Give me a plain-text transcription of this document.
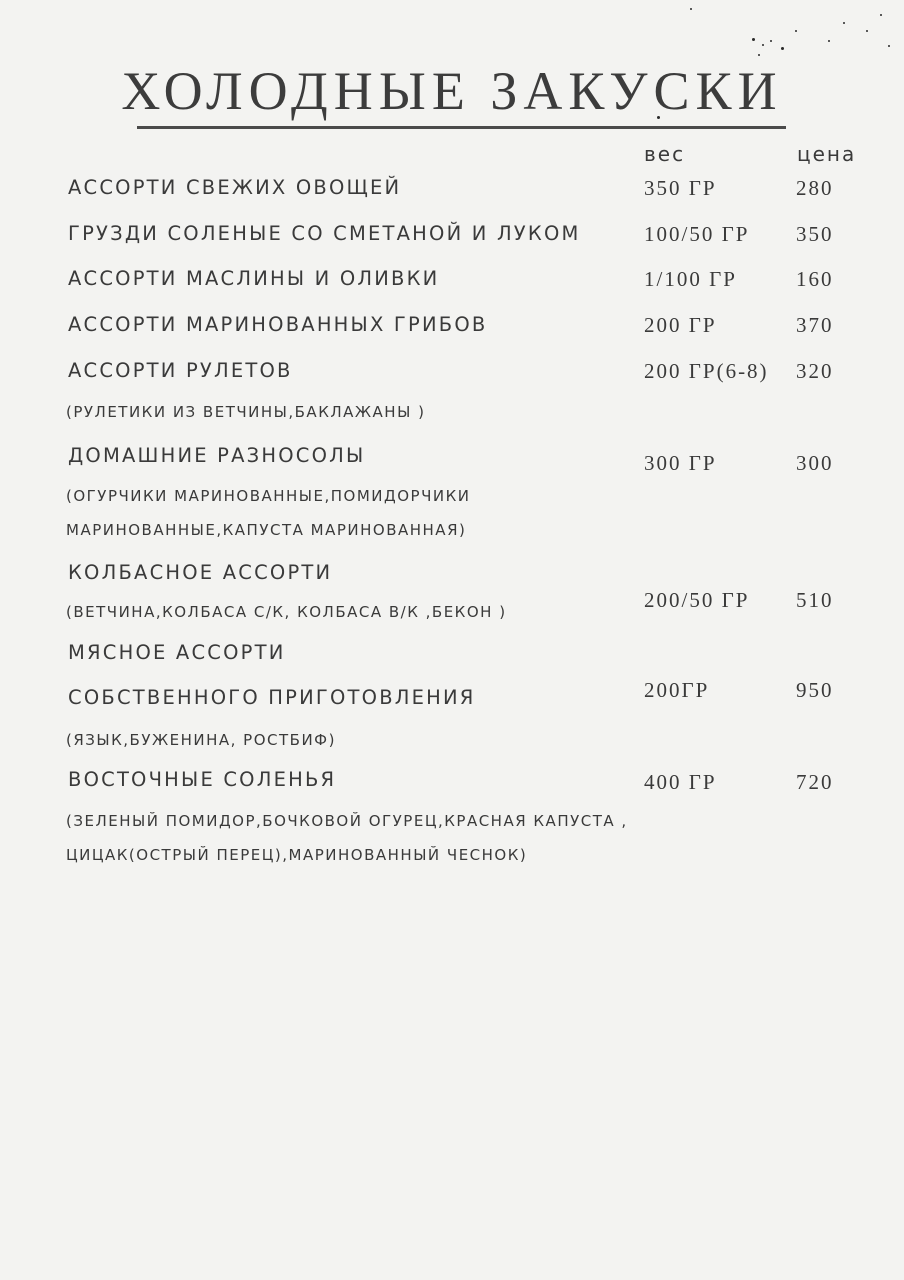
ХОЛОДНЫЕ ЗАКУСКИ
вес	цена
АССОРТИ СВЕЖИХ ОВОЩЕЙ	350 ГР	280
ГРУЗДИ СОЛЕНЫЕ СО СМЕТАНОЙ И ЛУКОМ	100/50 ГР 350
АССОРТИ МАСЛИНЫ И ОЛИВКИ	1/100 ГР	160
АССОРТИ МАРИНОВАННЫХ ГРИБОВ	200 ГР	370
АССОРТИ РУЛЕТОВ
(РУЛЕТИКИ ИЗ ВЕТЧИНЫ,БАКЛАЖАНЫ )
200 ГР(6-8) 320
ДОМАШНИЕ РАЗНОСОЛЫ
(ОГУРЧИКИ МАРИНОВАННЫЕ,ПОМИДОРЧИКИ
МАРИНОВАННЫЕ,КАПУСТА МАРИНОВАННАЯ)
300 ГР	300
КОЛБАСНОЕ АССОРТИ
(ВЕТЧИНА,КОЛБАСА С/К, КОЛБАСА В/К ,БЕКОН )	200/50 ГР 510
МЯСНОЕ АССОРТИ
СОБСТВЕННОГО ПРИГОТОВЛЕНИЯ
(ЯЗЫК,БУЖЕНИНА, РОСТБИФ)
200ГР	950
ВОСТОЧНЫЕ СОЛЕНЬЯ
(ЗЕЛЕНЫЙ ПОМИДОР,БОЧКОВОЙ ОГУРЕЦ,КРАСНАЯ КАПУСТА ,
ЦИЦАК(ОСТРЫЙ ПЕРЕЦ),МАРИНОВАННЫЙ ЧЕСНОК)
400 ГР	720
